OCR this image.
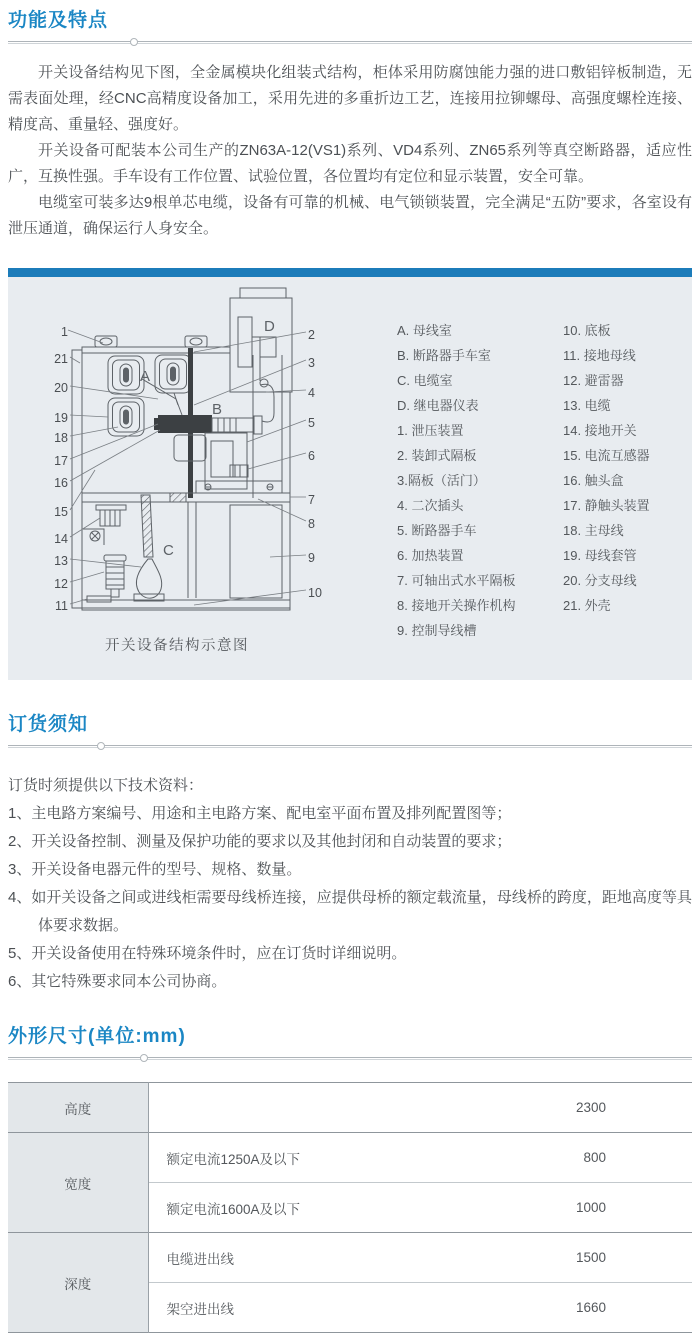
功能及特点

开关设备结构见下图，全金属模块化组装式结构，柜体采用防腐蚀能力强的进口敷铝锌板制造，无需表面处理，经CNC高精度设备加工，采用先进的多重折边工艺，连接用拉铆螺母、高强度螺栓连接、精度高、重量轻、强度好。

开关设备可配装本公司生产的ZN63A-12(VS1)系列、VD4系列、ZN65系列等真空断路器，适应性广，互换性强。手车设有工作位置、试验位置，各位置均有定位和显示装置，安全可靠。

电缆室可装多达9根单芯电缆，设备有可靠的机械、电气锁锁装置，完全满足“五防”要求，各室设有泄压通道，确保运行人身安全。

A
B
C
D
1
21
20
19
18
17
16
15
14
13
12
11
2
3
4
5
6
7
8
9
10
A. 母线室
B. 断路器手车室
C. 电缆室
D. 继电器仪表
1. 泄压装置
2. 装卸式隔板
3.隔板（活门）
4. 二次插头
5. 断路器手车
6. 加热装置
7. 可轴出式水平隔板
8. 接地开关操作机构
9. 控制导线槽
10. 底板
11. 接地母线
12. 避雷器
13. 电缆
14. 接地开关
15. 电流互感器
16. 触头盒
17. 静触头装置
18. 主母线
19. 母线套管
20. 分支母线
21. 外壳
开关设备结构示意图
订货须知

订货时须提供以下技术资料：

1、主电路方案编号、用途和主电路方案、配电室平面布置及排列配置图等；

2、开关设备控制、测量及保护功能的要求以及其他封闭和自动装置的要求；

3、开关设备电器元件的型号、规格、数量。

4、如开关设备之间或进线柜需要母线桥连接，应提供母桥的额定载流量，母线桥的跨度，距地高度等具体要求数据。

5、开关设备使用在特殊环境条件时，应在订货时详细说明。

6、其它特殊要求同本公司协商。

外形尺寸(单位:mm)
高度		2300
宽度	额定电流1250A及以下	800
	额定电流1600A及以下	1000
深度	电缆进出线	1500
	架空进出线	1660
